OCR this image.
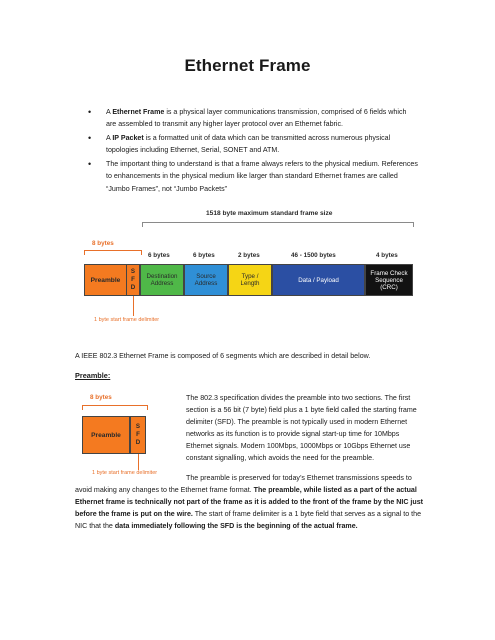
Ethernet Frame
• A Ethernet Frame is a physical layer communications transmission, comprised of 6 fields which are assembled to transmit any higher layer protocol over an Ethernet fabric.
• A IP Packet is a formatted unit of data which can be transmitted across numerous physical topologies including Ethernet, Serial, SONET and ATM.
• The important thing to understand is that a frame always refers to the physical medium. References to enhancements in the physical medium like larger than standard Ethernet frames are called “Jumbo Frames”, not “Jumbo Packets”
1518 byte maximum standard frame size
8 bytes
6 bytes	6 bytes	2 bytes	46 - 1500 bytes	4 bytes
Preamble
S
F
D
Destination
Address
Source
Address
Type /
Length	Data / Payload
Frame Check
Sequence
(CRC)
1 byte start frame delimiter
A IEEE 802.3 Ethernet Frame is composed of 6 segments which are described in detail below.
Preamble:
8 bytes
Preamble
S
F
D
1 byte start frame delimiter
The 802.3 specification divides the preamble into two sections. The first section is a 56 bit (7 byte) field plus a 1 byte field called the starting frame delimiter (SFD). The preamble is not typically used in modern Ethernet networks as its function is to provide signal start-up time for 10Mbps Ethernet signals. Modern 100Mbps, 1000Mbps or 10Gbps Ethernet use constant signalling, which avoids the need for the preamble.
The preamble is preserved for today’s Ethernet transmissions speeds to avoid making any changes to the Ethernet frame format. The preamble, while listed as a part of the actual Ethernet frame is technically not part of the frame as it is added to the front of the frame by the NIC just before the frame is put on the wire. The start of frame delimiter is a 1 byte field that serves as a signal to the NIC that the data immediately following the SFD is the beginning of the actual frame.
